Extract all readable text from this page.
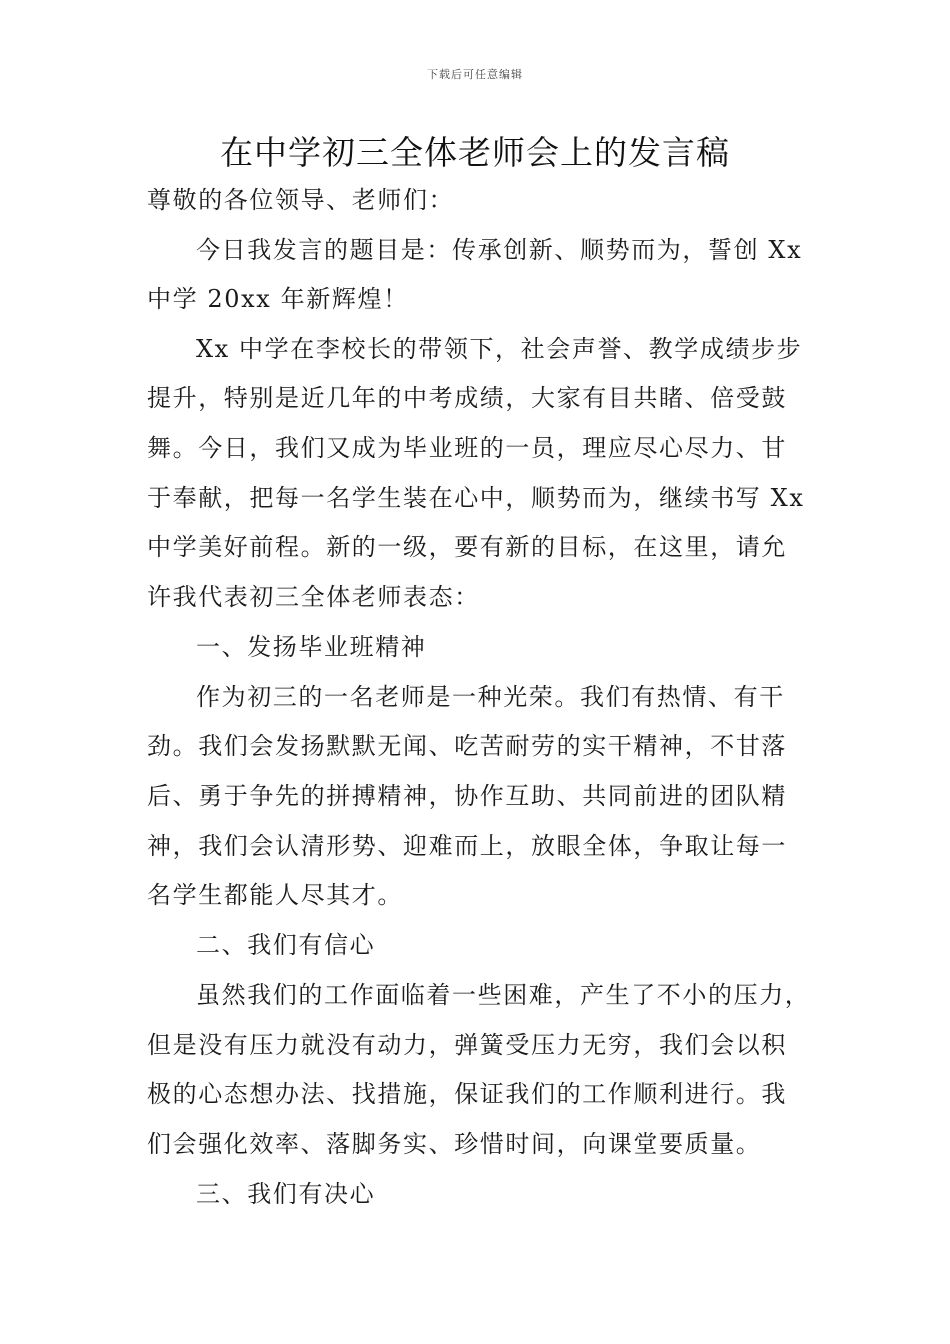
下载后可任意编辑
在中学初三全体老师会上的发言稿
尊敬的各位领导、老师们：
今日我发言的题目是：传承创新、顺势而为，誓创 Xx
中学 20xx 年新辉煌！
Xx 中学在李校长的带领下，社会声誉、教学成绩步步
提升，特别是近几年的中考成绩，大家有目共睹、倍受鼓
舞。今日，我们又成为毕业班的一员，理应尽心尽力、甘
于奉献，把每一名学生装在心中，顺势而为，继续书写 Xx
中学美好前程。新的一级，要有新的目标，在这里，请允
许我代表初三全体老师表态：
一、发扬毕业班精神
作为初三的一名老师是一种光荣。我们有热情、有干
劲。我们会发扬默默无闻、吃苦耐劳的实干精神，不甘落
后、勇于争先的拼搏精神，协作互助、共同前进的团队精
神，我们会认清形势、迎难而上，放眼全体，争取让每一
名学生都能人尽其才。
二、我们有信心
虽然我们的工作面临着一些困难，产生了不小的压力，
但是没有压力就没有动力，弹簧受压力无穷，我们会以积
极的心态想办法、找措施，保证我们的工作顺利进行。我
们会强化效率、落脚务实、珍惜时间，向课堂要质量。
三、我们有决心
